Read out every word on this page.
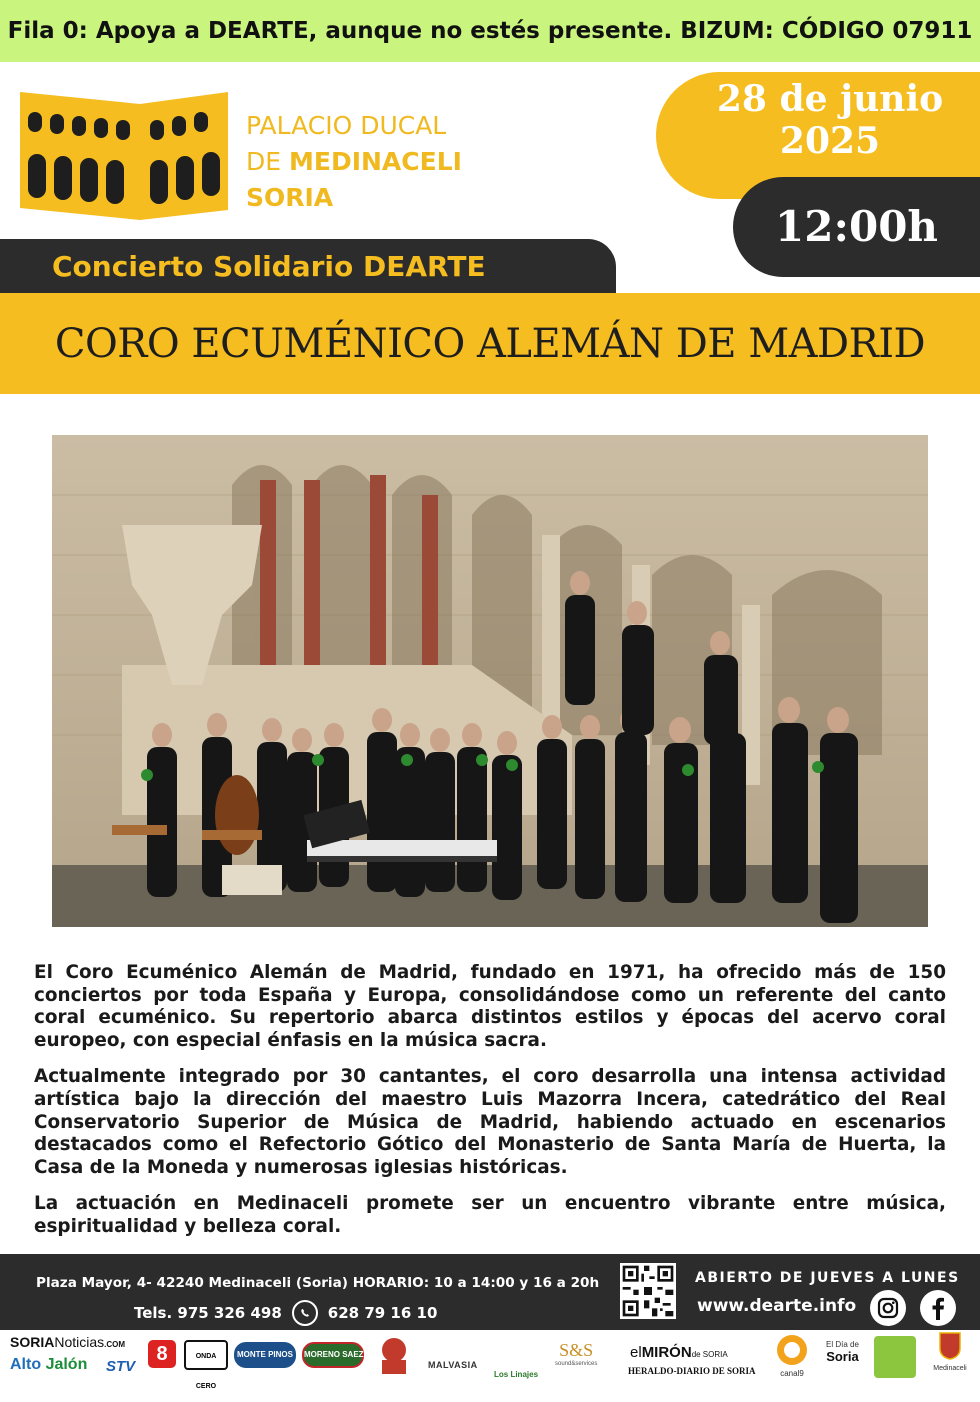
Fila 0: Apoya a DEARTE, aunque no estés presente. BIZUM: CÓDIGO 07911
PALACIO DUCAL
DE MEDINACELI
SORIA
28 de junio
2025
12:00h
Concierto Solidario DEARTE
CORO ECUMÉNICO ALEMÁN DE MADRID

El Coro Ecuménico Alemán de Madrid, fundado en 1971, ha ofrecido más de 150 conciertos por toda España y Europa, consolidándose como un referente del canto coral ecuménico. Su repertorio abarca distintos estilos y épocas del acervo coral europeo, con especial énfasis en la música sacra.

Actualmente integrado por 30 cantantes, el coro desarrolla una intensa actividad artística bajo la dirección del maestro Luis Mazorra Incera, catedrático del Real Conservatorio Superior de Música de Madrid, habiendo actuado en escenarios destacados como el Refectorio Gótico del Monasterio de Santa María de Huerta, la Casa de la Moneda y numerosas iglesias históricas.

La actuación en Medinaceli promete ser un encuentro vibrante entre música, espiritualidad y belleza coral.

Plaza Mayor, 4- 42240 Medinaceli (Soria) HORARIO: 10 a 14:00 y 16 a 20h
Tels. 975 326 498	628 79 16 10
ABIERTO DE JUEVES A LUNES
www.dearte.info
SORIANoticias.COM
Alto Jalón STV
8	ONDA CERO
MONTE PINOS	MORENO SAEZ
MALVASIA
Los Linajes
S&S
sound&services
elMIRÓNde SORIA
HERALDO-DIARIO DE SORIA	canal9
El Día de
Soria
Medinaceli
